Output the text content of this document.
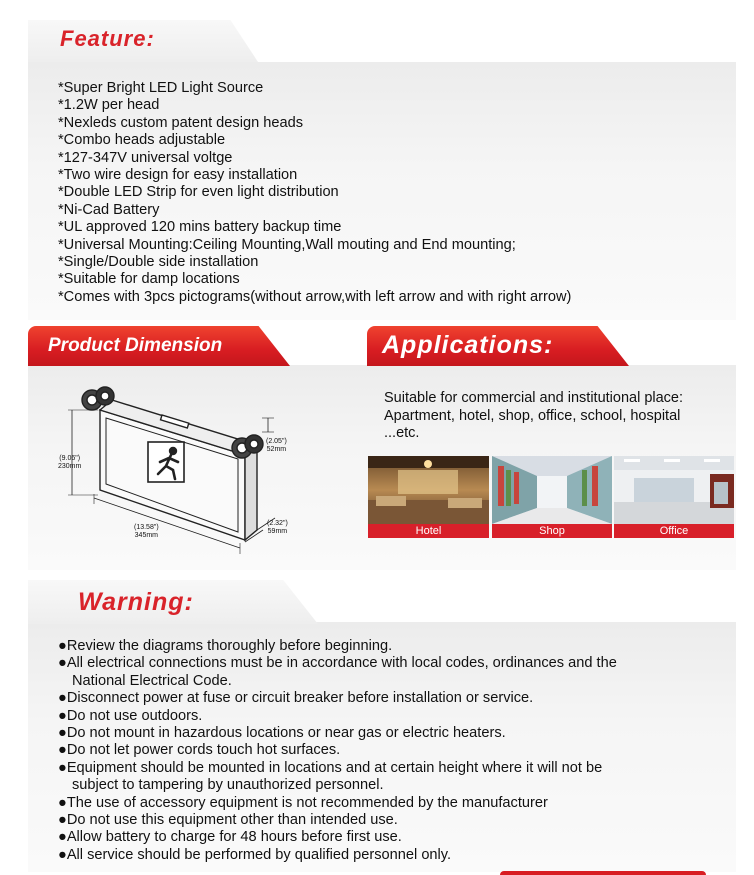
Feature:
*Super Bright LED Light Source
*1.2W per head
*Nexleds custom patent design heads
*Combo heads adjustable
*127-347V universal voltge
*Two wire design for easy installation
*Double LED Strip for even light distribution
*Ni-Cad Battery
*UL approved 120 mins battery backup time
*Universal Mounting:Ceiling Mounting,Wall mouting and End mounting;
*Single/Double side installation
*Suitable for damp locations
*Comes with 3pcs pictograms(without arrow,with left arrow and with right arrow)
Product Dimension	Applications:
(9.06")
230mm
(13.58")
345mm
(2.05")
52mm
(2.32")
59mm
Suitable for commercial and institutional place:
Apartment, hotel, shop, office, school, hospital
...etc.
Hotel	Shop	Office
Warning:
●Review the diagrams thoroughly before beginning.
●All electrical connections must be in accordance with local codes, ordinances and the
National Electrical Code.
●Disconnect power at fuse or circuit breaker before installation or service.
●Do not use outdoors.
●Do not mount in hazardous locations or near gas or electric heaters.
●Do not let power cords touch hot surfaces.
●Equipment should be mounted in locations and at certain height where it will not be
subject to tampering by unauthorized personnel.
●The use of accessory equipment is not recommended by the manufacturer
●Do not use this equipment other than intended use.
●Allow battery to charge for 48 hours before first use.
●All service should be performed by qualified personnel only.
